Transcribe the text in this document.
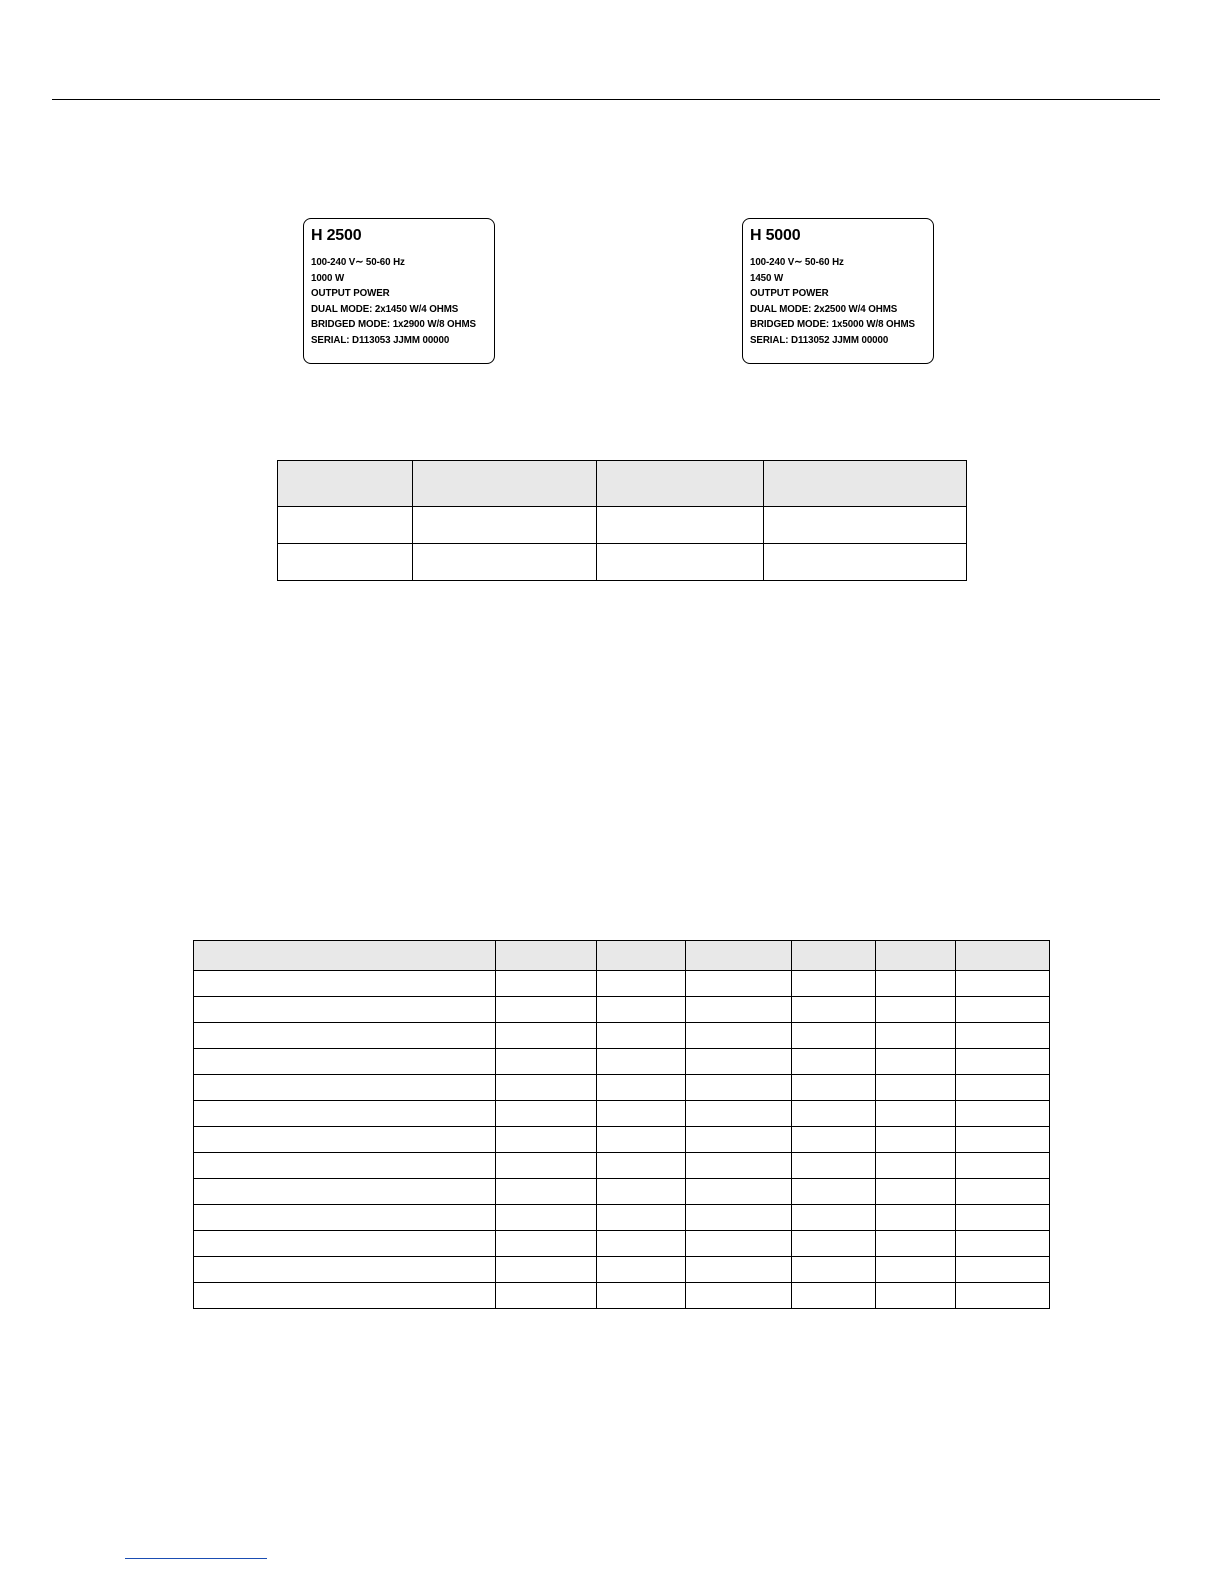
H 2500
100-240 V∼ 50-60 Hz
1000 W
OUTPUT POWER
DUAL MODE: 2x1450 W/4 OHMS
BRIDGED MODE: 1x2900 W/8 OHMS
SERIAL: D113053 JJMM 00000
H 5000
100-240 V∼ 50-60 Hz
1450 W
OUTPUT POWER
DUAL MODE: 2x2500 W/4 OHMS
BRIDGED MODE: 1x5000 W/8 OHMS
SERIAL: D113052 JJMM 00000
